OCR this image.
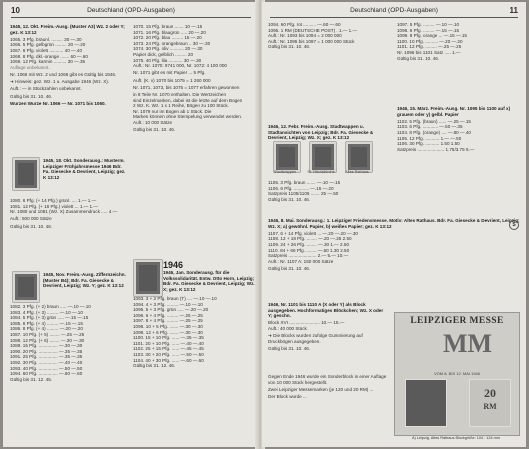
10	Deutschland (OPD-Ausgaben)

1945, 12. Okt. Freim.-Ausg. (Muster A3) Wz. 2 oder Y; gez. K 13:12

1065. 3 Pfg. bräunl. ......... 30 —.30
1066. 5 Pfg. gelbgrün ......... 20 —.20
1067. 6 Pfg. violett ........... 40 —.40
1068. 8 Pfg. dkl.-orange ....... 60 —.60
1069. 12 Pfg. karmin .......... 30 —.35

Auflage unbekannt.

Nr. 1066 mit Wz. 2 und 1068 gibt es Gültig bis 1946.

➜ Hinweis: gez. Wz. 1 u. Ausgabe 1946 (Wz. X).

Auft.: — in Stückzahlen unbekannt.

Gültig bis 31. 10. 46.

Wurzen Wurze Nr. 1066 — Nr. 1071 bis 1060.

1070. 15 Pfg. braun ....... 10 —.15
1071. 16 Pfg. blaugrün ..... 20 —.20
1072. 20 Pfg. blau ......... 15 —.20
1073. 24 Pfg. orangebraun .. 30 —.30
1074. 30 Pfg. oliv ........... 20 —.30
Papier dick, gelblich ......... 20
1075. 40 Pfg. lila ........... 30 —.30

Auft.: Nr. 1070: 9741 000, Nr. 1072: 4 100 000

Nr. 1071 gibt es mit Papier ... 5 Pfg.

Auft. (K. v) 1070 bis 1075 = 1 260 000

Nr. 1071, 1073, bis 1075 = 1077 erfahren gewonnen

in 8 Teile Nr. 1070 enthalten. Die Wertzeichen
sind Einzelmarken, dabei ist die letzte auf dem Bogen
2 Wz. K. Wz. 1 x 1 Reihe, Bögen zu 100 Stück.
Nr. 1079 nur im Bogen ab 1 Stück. Die
Marken können ohne Stempelung verwendet werden.

Auft.: 10 000 Sätze

Gültig bis 31. 10. 46.

1945, 18. Okt. Sonderausg.: Musterm. Leipziger Frühjahrsmesse 1946 Bdr. Fa. Giesecke & Devrient, Leipzig; gez. K 13:12

1080. 6 Pfg. (+ 14 Pfg.) grünl. .... 1.— 1.—
1081. 12 Pfg. (+ 18 Pfg.) violett ... 1.— 1.—

Nr. 1080 und 1081 (Wz. X) Zusammendruck ..... 4.—

Auft.: 500 000 Sätze

Gültig bis 31. 10. 46.

1945, Nov. Freim.-Ausg. Ziffernzeichn. (Muster B4); Bdr. Fa. Giesecke & Devrient, Leipzig; Wz. Y; gez. K 13:12

1082. 3 Pfg. (+ 2) braun ..... —.10 —.10
1083. 4 Pfg. (+ 3) ......... —.10 —.10
1084. 5 Pfg. (+ 3) grün ..... —.15 —.15
1085. 6 Pfg. (+ 4) ......... —.15 —.15
1086. 8 Pfg. (+ 4) ......... —.20 —.20
1087. 10 Pfg. (+ 5) ........ —.25 —.25
1088. 12 Pfg. (+ 6) ........ —.30 —.30
1089. 15 Pfg. ............... —.30 —.30
1090. 20 Pfg. ............... —.35 —.35
1091. 25 Pfg. ............... —.35 —.35
1092. 30 Pfg. ............... —.40 —.40
1093. 40 Pfg. ............... —.50 —.50
1094. 60 Pfg. ............... —.60 —.60

Gültig bis 31. 12. 45.

1946

1946, Jan. Sonderausg. für die Volkssolidarität. Entw. Otto Horn, Leipzig; Bdr. Fa. Giesecke & Devrient, Leipzig; Wz. X; gez. K 13:12

1093. 3 + 2 Pfg. braun (T) .... —.10 —.10
1094. 4 + 3 Pfg. ......... —.10 —.10
1095. 5 + 3 Pfg. grün ..... —.20 —.20
1096. 6 + 4 Pfg. ......... —.25 —.25
1097. 8 + 4 Pfg. ......... —.25 —.25
1098. 10 + 5 Pfg. ....... —.30 —.30
1099. 12 + 6 Pfg. ....... —.30 —.30
1100. 15 + 10 Pfg. ...... —.35 —.35
1101. 20 + 10 Pfg. ...... —.40 —.40
1102. 25 + 15 Pfg. ...... —.45 —.45
1103. 30 + 20 Pfg. ...... —.50 —.50
1104. 40 + 30 Pfg. ...... —.60 —.60

Gültig bis 31. 12. 46.

Deutschland (OPD-Ausgaben)	11
1094. 60 Pfg. rot .......... —.60 —.60
1095. 1 RM (DEUTSCHE POST) . 1.— 1.—
Auft.: Nr. 1093 bis 1094 = 2 000 000
Auft.: Nr. 1095 bis 1097 = 1 000 000 Stück

Gültig bis 31. 10. 46.

1097. 5 Pfg. ......... —.10 —.10
1098. 6 Pfg. ......... —.15 —.15
1099. 8 Pfg. orange ... —.15 —.15
1100. 10 Pfg. .......... —.20 —.20
1101. 12 Pfg. ......... —.25 —.25
Nr. 1096 bis 1101 Satz ..... 1.—

Gültig bis 31. 10. 46.

1946, 12. Febr. Freim.-Ausg. Stadtwappen u. Stadtansichten von Leipzig; Bdr. Fa. Giesecke & Devrient, Leipzig; Wz. X; gez. K 13:12

Stadtwappen	St. Nikolaikirche	Altes Rathaus
1105. 3 Pfg. braun ....... —.10 —.15
1106. 6 Pfg. ............ —.15 —.20
Satzpreis 1105/1106 ....... 25 —.50

Gültig bis 31. 10. 46.

1946, 15. März. Freim.-Ausg. Nr. 1095 bis 1100 auf x) grauem oder y) gelbl. Papier

1102. 5 Pfg. (braun) ...... —.25 —.15
1103. 6 Pfg. ............ —.50 —.35
1104. 8 Pfg. (orange) .... —.80 —.40
1105. 12 Pfg. ........... 1.— —.50
1106. 30 Pfg. ........... 1.50 1.50
Satzpreis ..................... 1.75/3.75 5.—

1946, 8. Mai. Sonderausg.: 1. Leipziger Friedensmesse. Motiv: Altes Rathaus. Bdr. Fa. Giesecke & Devrient, Leipzig; Wz. X; a) gewöhnl. Papier, b) weißes Papier; gez. K 13:12

1107. 6 + 14 Pfg. violett ... —.20 —.20 —.30
1108. 12 + 18 Pfg. ........ —.20 —.25 2.50
1109. 24 + 26 Pfg. ........ —.30 1.— 2.50
1110. 84 + 66 Pfg. ........ —.60 1.30 2.50
Satzpreis ...................... 2.— 5.— 10.—

Auft.: Nr. 1107 A: 150 000 Sätze

Gültig bis 31. 10. 46.

S

1946, Nr. 1101 bis 1110 A (X oder Y) als Block ausgegeben. Hochformatiges Blöckchen; Wz. X oder Y; geschn.

Block XVI ........................ 10.— 15.—

Auft.: 40 000 Stück

➜ Die Blocks wurden zufolge Gummierung auf Druckbögen ausgegeben.

Gültig bis 31. 10. 46.

Gegen Ende 1946 wurde ein Sonderblock in einer Auflage von 10 000 Stück hergestellt.

Zwei Leipziger Messemarken (je 120 und 20 RM) ...

Der Block wurde ...

LEIPZIGER MESSE
MM
VOM 8. BIS 12. MAI 1946
20
RM
A) Leipzig, Altes Rathaus Blockgröße: 104 : 124 mm
